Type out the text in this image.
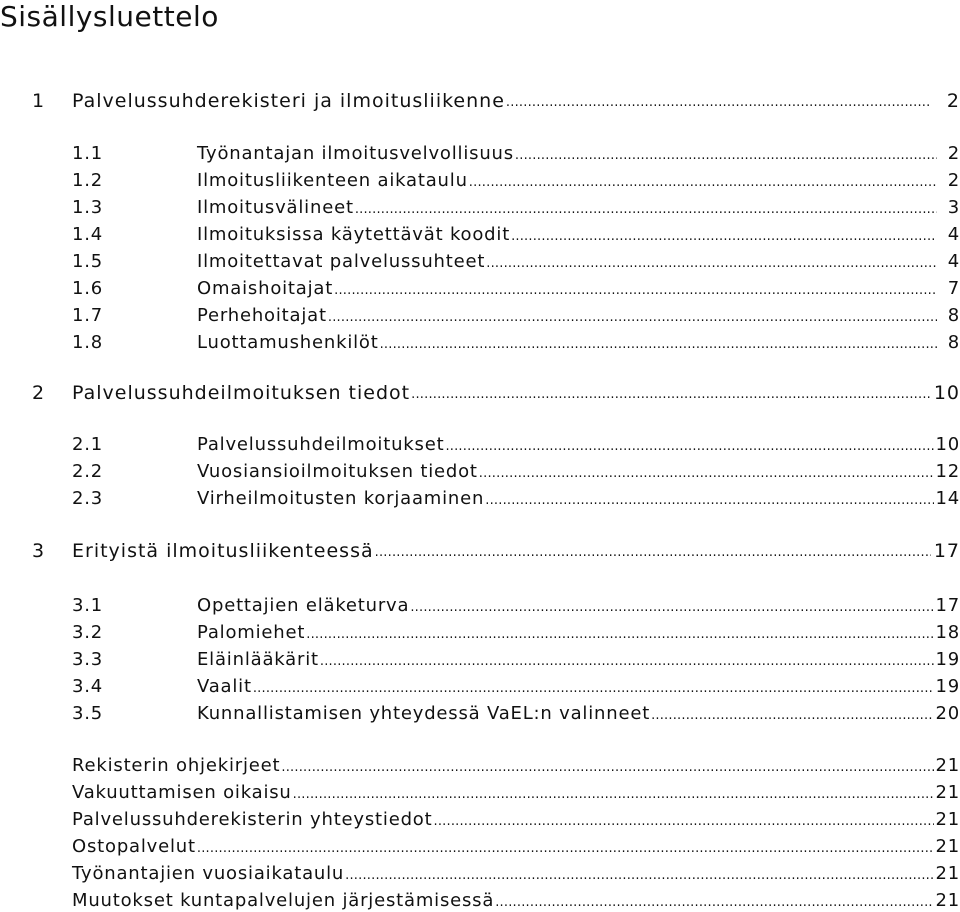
Sisällysluettelo
1	Palvelussuhderekisteri ja ilmoitusliikenne .....	2
1.1	Työnantajan ilmoitusvelvollisuus .....	2
1.2	Ilmoitusliikenteen aikataulu .....	2
1.3	Ilmoitusvälineet .....	3
1.4	Ilmoituksissa käytettävät koodit .....	4
1.5	Ilmoitettavat palvelussuhteet .....	4
1.6	Omaishoitajat .....	7
1.7	Perhehoitajat .....	8
1.8	Luottamushenkilöt .....	8
2	Palvelussuhdeilmoituksen tiedot .....	10
2.1	Palvelussuhdeilmoitukset .....	10
2.2	Vuosiansioilmoituksen tiedot .....	12
2.3	Virheilmoitusten korjaaminen .....	14
3	Erityistä ilmoitusliikenteessä .....	17
3.1	Opettajien eläketurva .....	17
3.2	Palomiehet .....	18
3.3	Eläinlääkärit .....	19
3.4	Vaalit .....	19
3.5	Kunnallistamisen yhteydessä VaEL:n valinneet .....	20
Rekisterin ohjekirjeet .....	21
Vakuuttamisen oikaisu .....	21
Palvelussuhderekisterin yhteystiedot .....	21
Ostopalvelut .....	21
Työnantajien vuosiaikataulu .....	21
Muutokset kuntapalvelujen järjestämisessä .....	21
